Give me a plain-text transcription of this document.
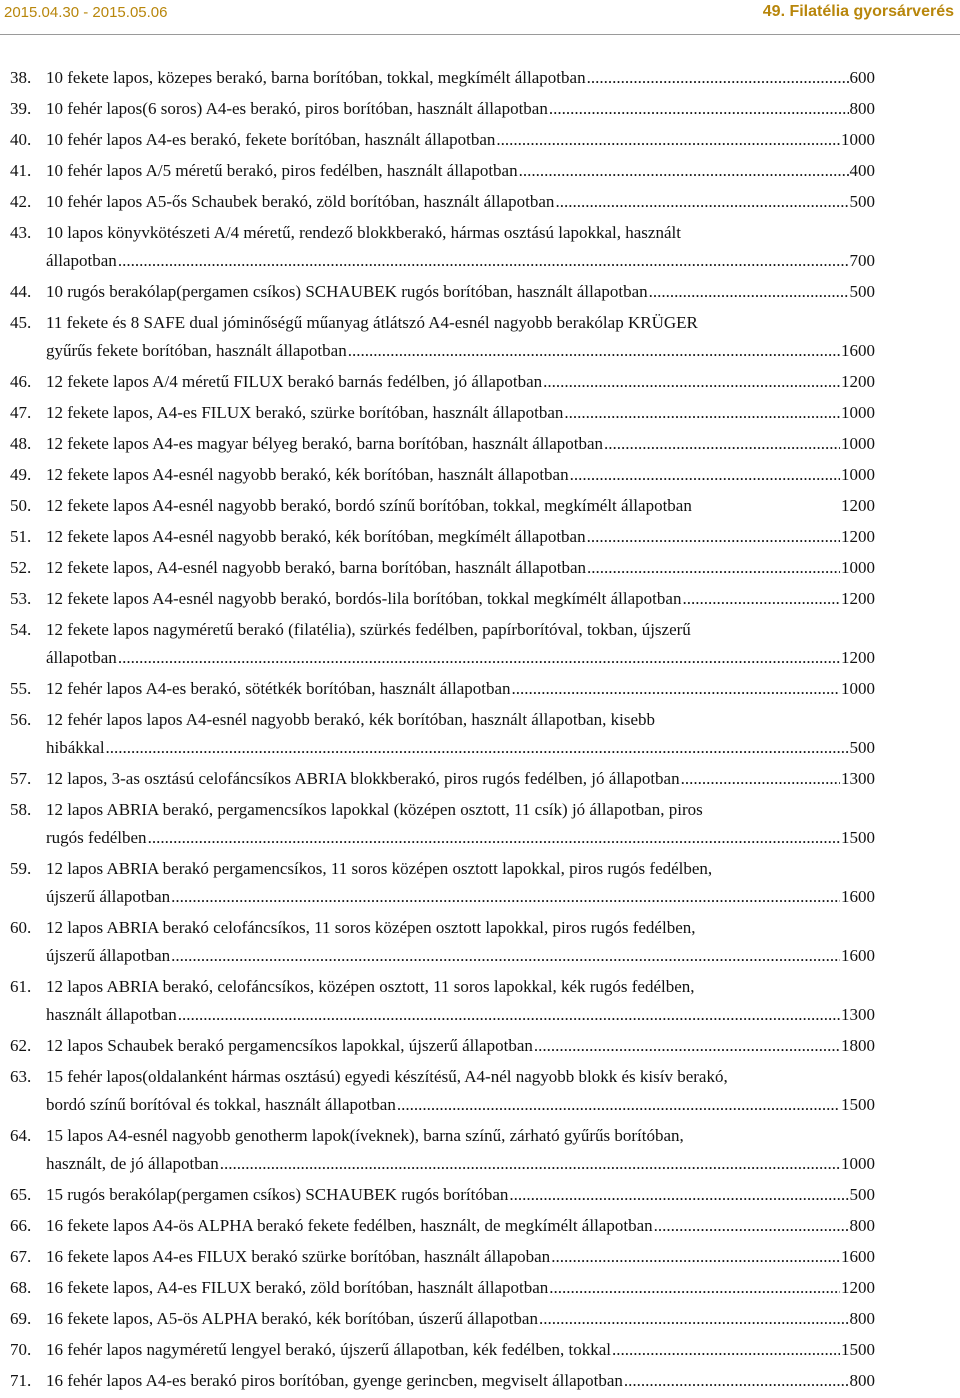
2015.04.30 - 2015.05.06	49. Filatélia gyorsárverés
38. 10 fekete lapos, közepes berakó, barna borítóban, tokkal, megkímélt állapotban .....	600
39. 10 fehér lapos(6 soros) A4-es berakó, piros borítóban, használt állapotban .....	800
40. 10 fehér lapos A4-es berakó, fekete borítóban, használt állapotban .....	1000
41. 10 fehér lapos A/5 méretű berakó, piros fedélben, használt állapotban .....	400
42. 10 fehér lapos A5-ős Schaubek berakó, zöld borítóban, használt állapotban .....	500
43. 10 lapos könyvkötészeti A/4 méretű, rendező blokkberakó, hármas osztású lapokkal, használt
állapotban .....	700
44. 10 rugós berakólap(pergamen csíkos) SCHAUBEK rugós borítóban, használt állapotban .....	500
45. 11 fekete és 8 SAFE dual jóminőségű műanyag átlátszó A4-esnél nagyobb berakólap KRÜGER
gyűrűs fekete borítóban, használt állapotban .....	1600
46. 12 fekete lapos A/4 méretű FILUX berakó barnás fedélben, jó állapotban .....	1200
47. 12 fekete lapos, A4-es FILUX berakó, szürke borítóban, használt állapotban .....	1000
48. 12 fekete lapos A4-es magyar bélyeg berakó, barna borítóban, használt állapotban .....	1000
49. 12 fekete lapos A4-esnél nagyobb berakó, kék borítóban, használt állapotban .....	1000
50. 12 fekete lapos A4-esnél nagyobb berakó, bordó színű borítóban, tokkal, megkímélt állapotban	1200
51. 12 fekete lapos A4-esnél nagyobb berakó, kék borítóban, megkímélt állapotban .....	1200
52. 12 fekete lapos, A4-esnél nagyobb berakó, barna borítóban, használt állapotban .....	1000
53. 12 fekete lapos A4-esnél nagyobb berakó, bordós-lila borítóban, tokkal megkímélt állapotban .....	1200
54. 12 fekete lapos nagyméretű berakó (filatélia), szürkés fedélben, papírborítóval, tokban, újszerű
állapotban .....	1200
55. 12 fehér lapos A4-es berakó, sötétkék borítóban, használt állapotban .....	1000
56. 12 fehér lapos lapos A4-esnél nagyobb berakó, kék borítóban, használt állapotban, kisebb
hibákkal .....	500
57. 12 lapos, 3-as osztású celofáncsíkos ABRIA blokkberakó, piros rugós fedélben, jó állapotban .....	1300
58. 12 lapos ABRIA berakó, pergamencsíkos lapokkal (középen osztott, 11 csík) jó állapotban, piros
rugós fedélben .....	1500
59. 12 lapos ABRIA berakó pergamencsíkos, 11 soros középen osztott lapokkal, piros rugós fedélben,
újszerű állapotban .....	1600
60. 12 lapos ABRIA berakó celofáncsíkos, 11 soros középen osztott lapokkal, piros rugós fedélben,
újszerű állapotban .....	1600
61. 12 lapos ABRIA berakó, celofáncsíkos, középen osztott, 11 soros lapokkal, kék rugós fedélben,
használt állapotban .....	1300
62. 12 lapos Schaubek berakó pergamencsíkos lapokkal, újszerű állapotban .....	1800
63. 15 fehér lapos(oldalanként hármas osztású) egyedi készítésű, A4-nél nagyobb blokk és kisív berakó,
bordó színű borítóval és tokkal, használt állapotban .....	1500
64. 15 lapos A4-esnél nagyobb genotherm lapok(íveknek), barna színű, zárható gyűrűs borítóban,
használt, de jó állapotban .....	1000
65. 15 rugós berakólap(pergamen csíkos) SCHAUBEK rugós borítóban .....	500
66. 16 fekete lapos A4-ös ALPHA berakó fekete fedélben, használt, de megkímélt állapotban .....	800
67. 16 fekete lapos A4-es FILUX berakó szürke borítóban, használt állapoban .....	1600
68. 16 fekete lapos, A4-es FILUX berakó, zöld borítóban, használt állapotban .....	1200
69. 16 fekete lapos, A5-ös ALPHA berakó, kék borítóban, úszerű állapotban .....	800
70. 16 fehér lapos nagyméretű lengyel berakó, újszerű állapotban, kék fedélben, tokkal .....	1500
71. 16 fehér lapos A4-es berakó piros borítóban, gyenge gerincben, megviselt állapotban .....	800
